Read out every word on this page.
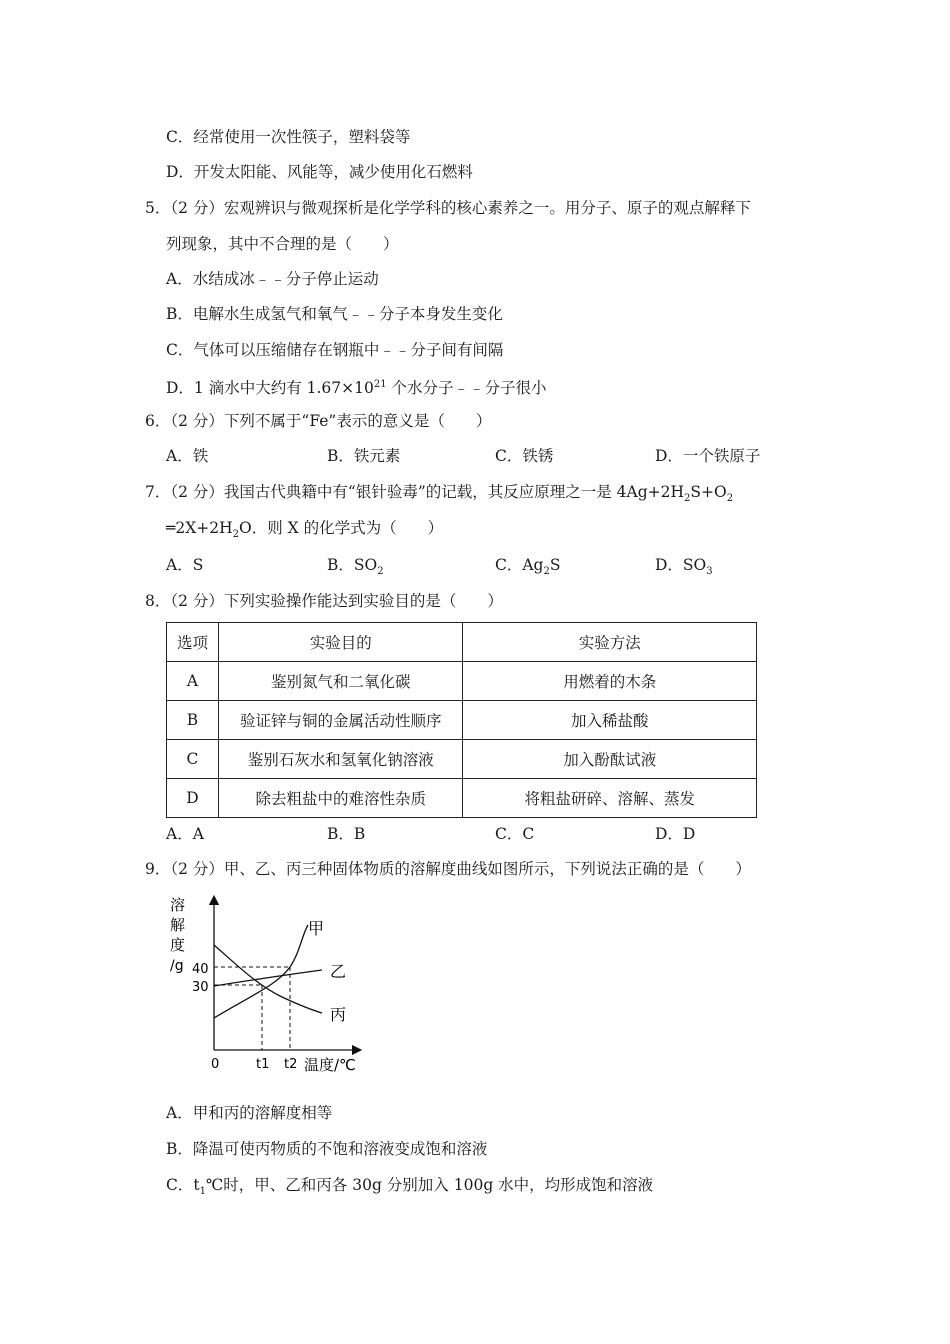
C．经常使用一次性筷子，塑料袋等
D．开发太阳能、风能等，减少使用化石燃料
5．（2 分）宏观辨识与微观探析是化学学科的核心素养之一。用分子、原子的观点解释下
列现象，其中不合理的是（　　）
A．水结成冰﹣﹣分子停止运动
B．电解水生成氢气和氧气﹣﹣分子本身发生变化
C．气体可以压缩储存在钢瓶中﹣﹣分子间有间隔
D．1 滴水中大约有 $1.67\times 10^{21}$ 个水分子﹣﹣分子很小
6．（2 分）下列不属于“Fe”表示的意义是（　　）
A．铁	B．铁元素	C．铁锈	D．一个铁原子
7．（2 分）我国古代典籍中有“银针验毒”的记载，其反应原理之一是 $4Ag+2H_2S+O_2$
$═2X+2H_2O$．则 X 的化学式为（　　）
A．S	B．$SO_2$	C．$Ag_2S$	D．$SO_3$
8．（2 分）下列实验操作能达到实验目的是（　　）
选项	实验目的	实验方法
A	鉴别氮气和二氧化碳	用燃着的木条
B	验证锌与铜的金属活动性顺序	加入稀盐酸
C	鉴别石灰水和氢氧化钠溶液	加入酚酞试液
D	除去粗盐中的难溶性杂质	将粗盐研碎、溶解、蒸发
A．A	B．B	C．C	D．D
9．（2 分）甲、乙、丙三种固体物质的溶解度曲线如图所示，下列说法正确的是（　　）
溶
解
度
/g 40
30
甲
乙
丙
0	t1 t2 温度/℃
A．甲和丙的溶解度相等
B．降温可使丙物质的不饱和溶液变成饱和溶液
C．$t_1℃$时，甲、乙和丙各 30g 分别加入 100g 水中，均形成饱和溶液
